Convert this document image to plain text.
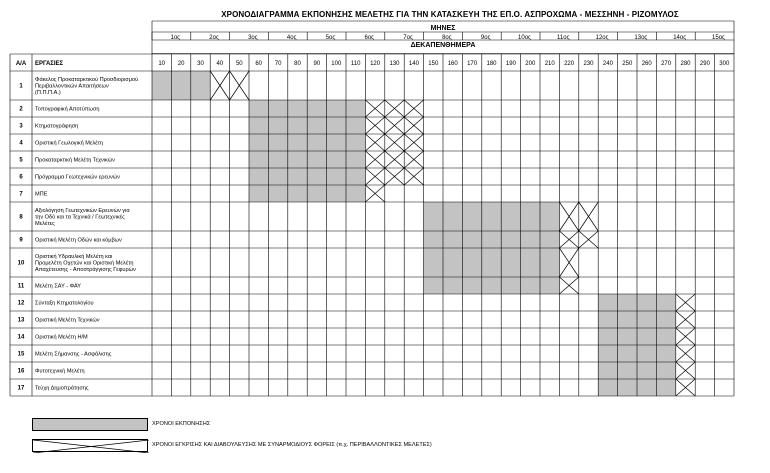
ΧΡΟΝΟΔΙΑΓΡΑΜΜΑ ΕΚΠΟΝΗΣΗΣ ΜΕΛΕΤΗΣ ΓΙΑ ΤΗΝ ΚΑΤΑΣΚΕΥΗ ΤΗΣ ΕΠ.Ο. ΑΣΠΡΟΧΩΜΑ - ΜΕΣΣΗΝΗ - ΡΙΖΟΜΥΛΟΣ
ΜΗΝΕΣ
1ος	2ος	3ος	4ος	5ος	6ος	7ος	8ος	9ος	10ος	11ος	12ος	13ος	14ος	15ος
ΔΕΚΑΠΕΝΘΗΜΕΡΑ
Α/Α ΕΡΓΑΣΙΕΣ	10 20 30 40 50 60 70 80 90 100 110 120 130 140 150 160 170 180 190 200 210 220 230 240 250 260 270 280 290 300
1
Φάκελος Προκαταρκτικού Προσδιορισμού Περιβαλλοντικών Απαιτήσεων (Π.Π.Π.Α.)
2 Τοπογραφική Αποτύπωση
3 Κτηματογράφηση
4 Οριστική Γεωλογική Μελέτη
5 Προκαταρκτική Μελέτη Τεχνικών
6 Πρόγραμμα Γεωτεχνικών ερευνών
7 ΜΠΕ
8
Αξιολόγηση Γεωτεχνικών Ερευνών για την Οδό και τα Τεχνικά / Γεωτεχνικές Μελέτες
9 Οριστική Μελέτη Οδών και κόμβων
10
Οριστική Υδραυλική Μελέτη και Προμελέτη Οχετών και Οριστική Μελέτη Απαχέτευσης - Αποστράγγισης Γεφυρών
11 Μελέτη ΣΑΥ - ΦΑΥ
12 Σύνταξη Κτηματολογίου
13 Οριστική Μελέτη Τεχνικών
14 Οριστική Μελέτη Η/Μ
15 Μελέτη Σήμανσης - Ασφάλισης
16 Φυτοτεχνική Μελέτη
17 Τεύχη Δημοπράτησης
ΧΡΟΝΟΙ ΕΚΠΟΝΗΣΗΣ
ΧΡΟΝΟΙ ΕΓΚΡΙΣΗΣ ΚΑΙ ΔΙΑΒΟΥΛΕΥΣΗΣ ΜΕ ΣΥΝΑΡΜΟΔΙΟΥΣ ΦΟΡΕΙΣ (π.χ. ΠΕΡΙΒΑΛΛΟΝΤΙΚΕΣ ΜΕΛΕΤΕΣ)
